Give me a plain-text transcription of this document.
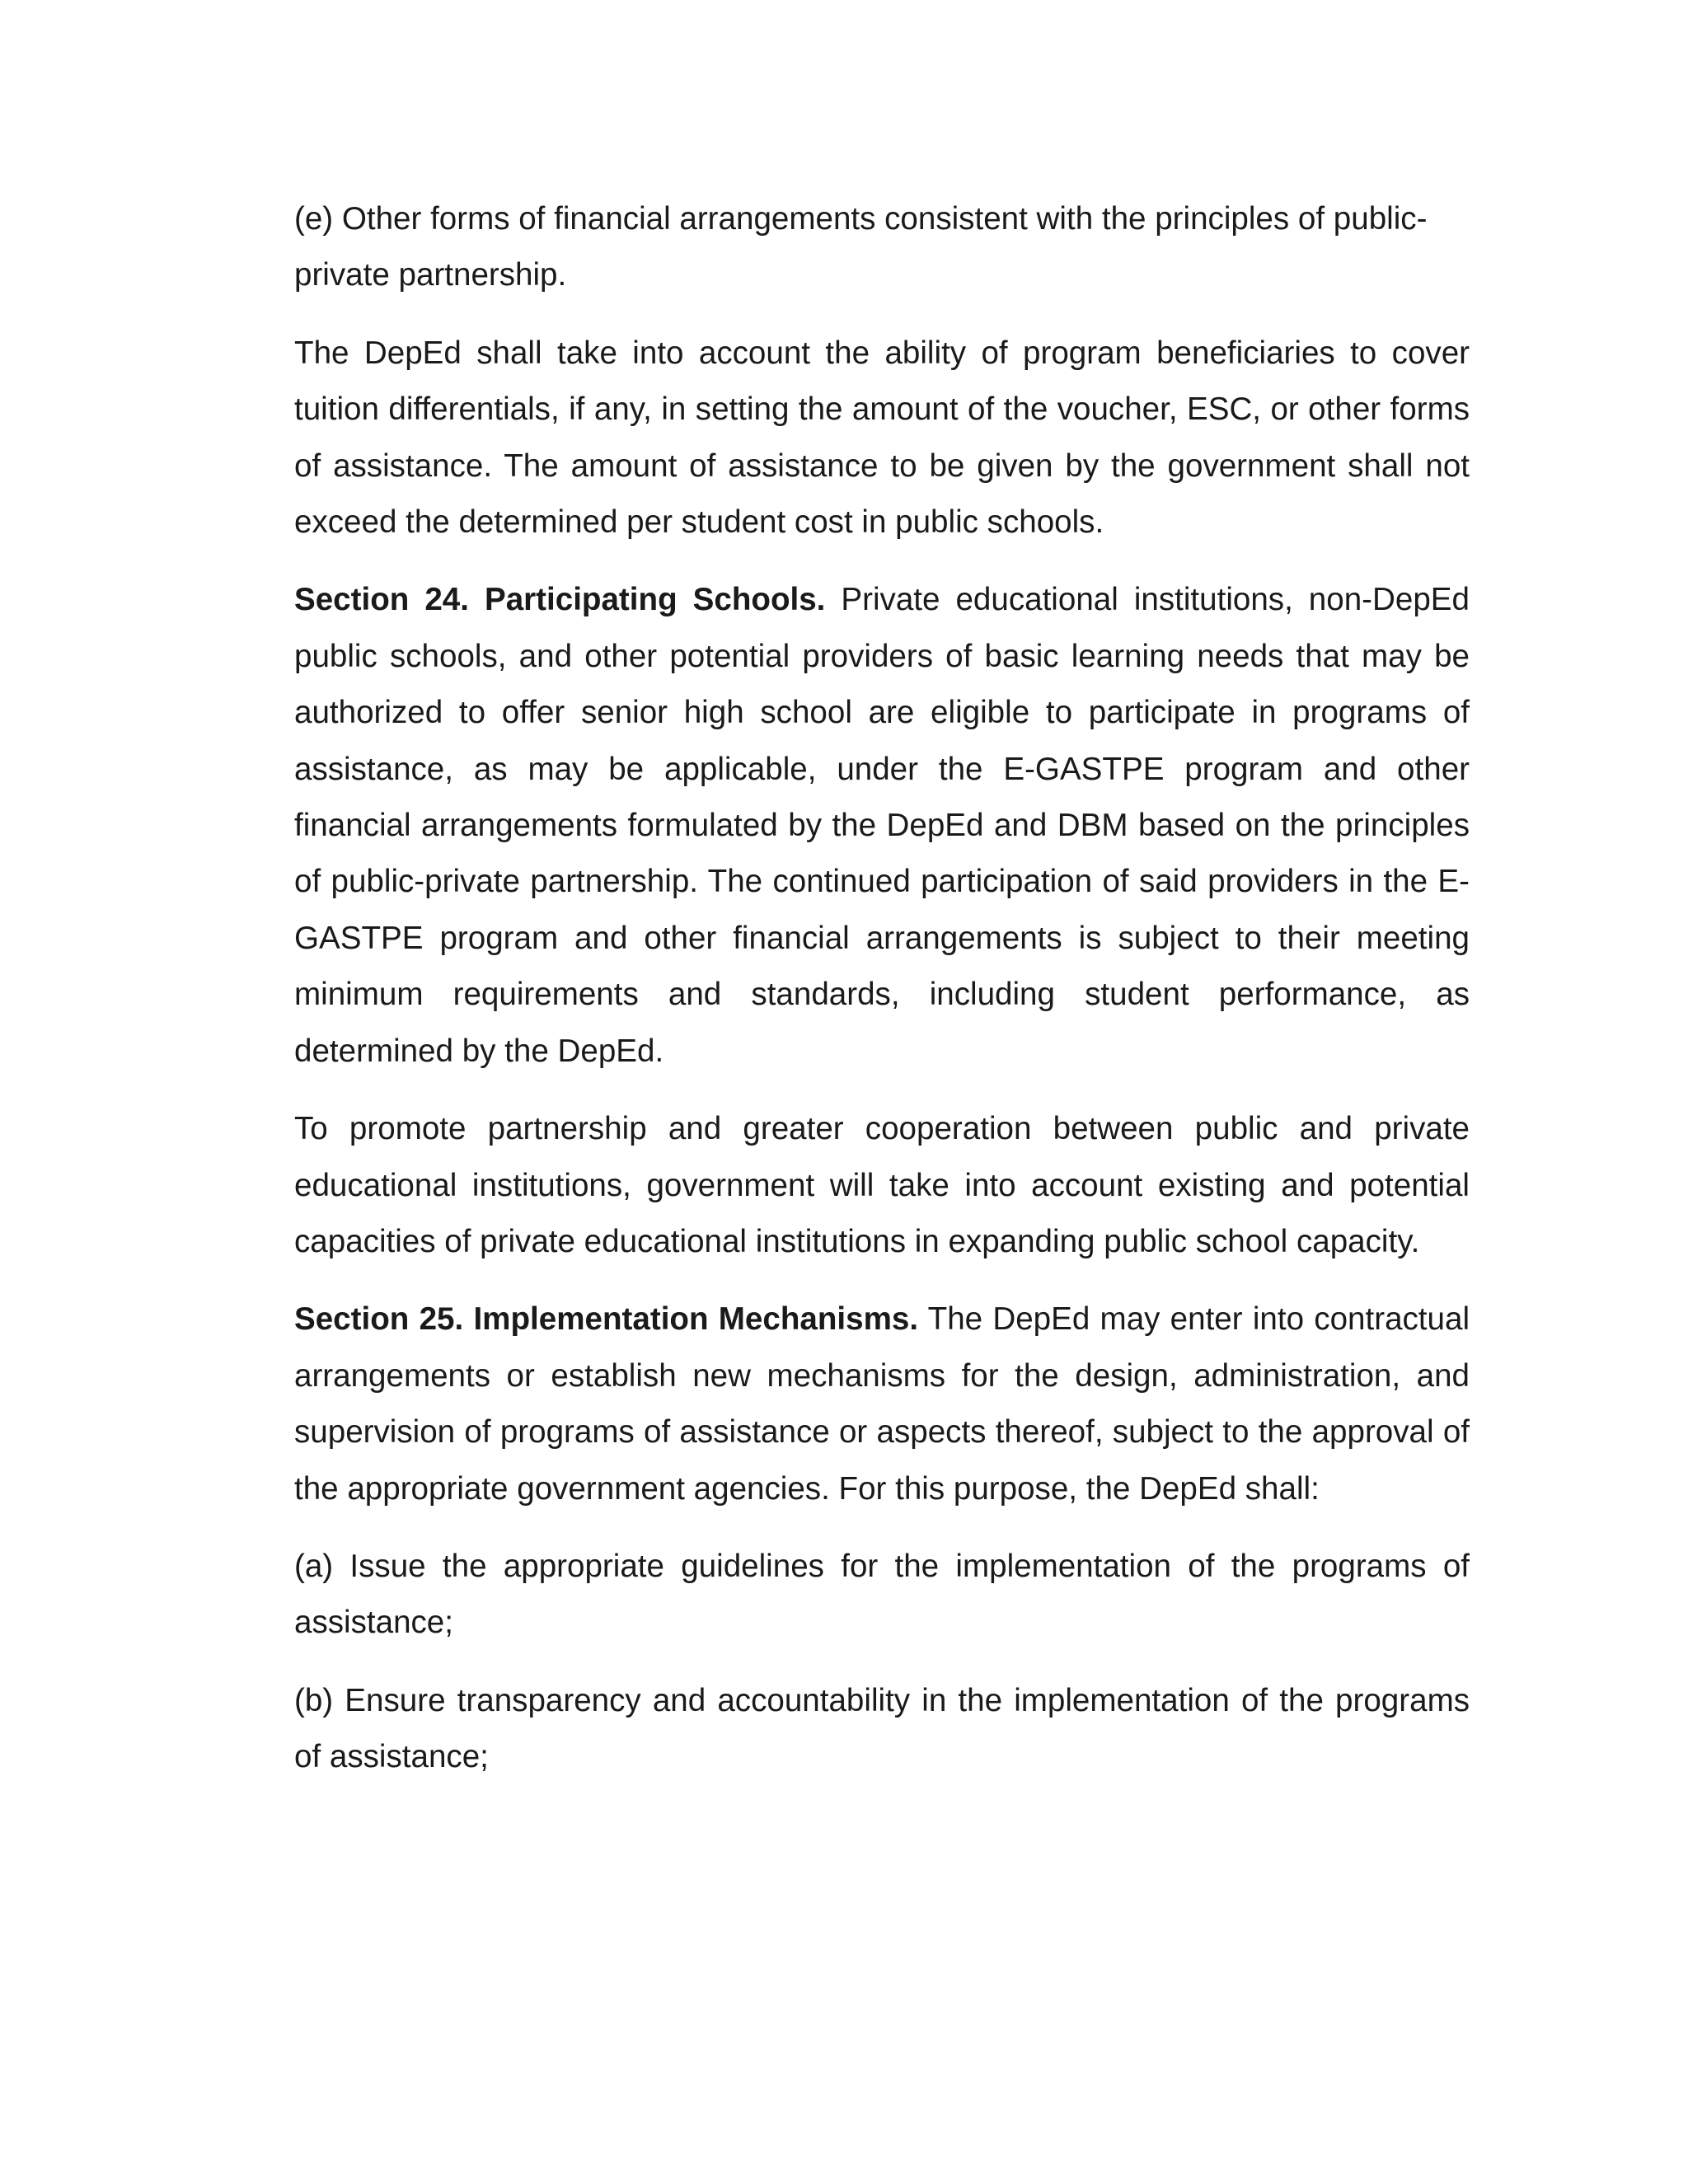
(e) Other forms of financial arrangements consistent with the principles of public-private partnership.

The DepEd shall take into account the ability of program beneficiaries to cover tuition differentials, if any, in setting the amount of the voucher, ESC, or other forms of assistance. The amount of assistance to be given by the government shall not exceed the determined per student cost in public schools.

Section 24. Participating Schools. Private educational institutions, non-DepEd public schools, and other potential providers of basic learning needs that may be authorized to offer senior high school are eligible to participate in programs of assistance, as may be applicable, under the E-GASTPE program and other financial arrangements formulated by the DepEd and DBM based on the principles of public-private partnership. The continued participation of said providers in the E-GASTPE program and other financial arrangements is subject to their meeting minimum requirements and standards, including student performance, as determined by the DepEd.

To promote partnership and greater cooperation between public and private educational institutions, government will take into account existing and potential capacities of private educational institutions in expanding public school capacity.

Section 25. Implementation Mechanisms. The DepEd may enter into contractual arrangements or establish new mechanisms for the design, administration, and supervision of programs of assistance or aspects thereof, subject to the approval of the appropriate government agencies. For this purpose, the DepEd shall:

(a) Issue the appropriate guidelines for the implementation of the programs of assistance;

(b) Ensure transparency and accountability in the implementation of the programs of assistance;
